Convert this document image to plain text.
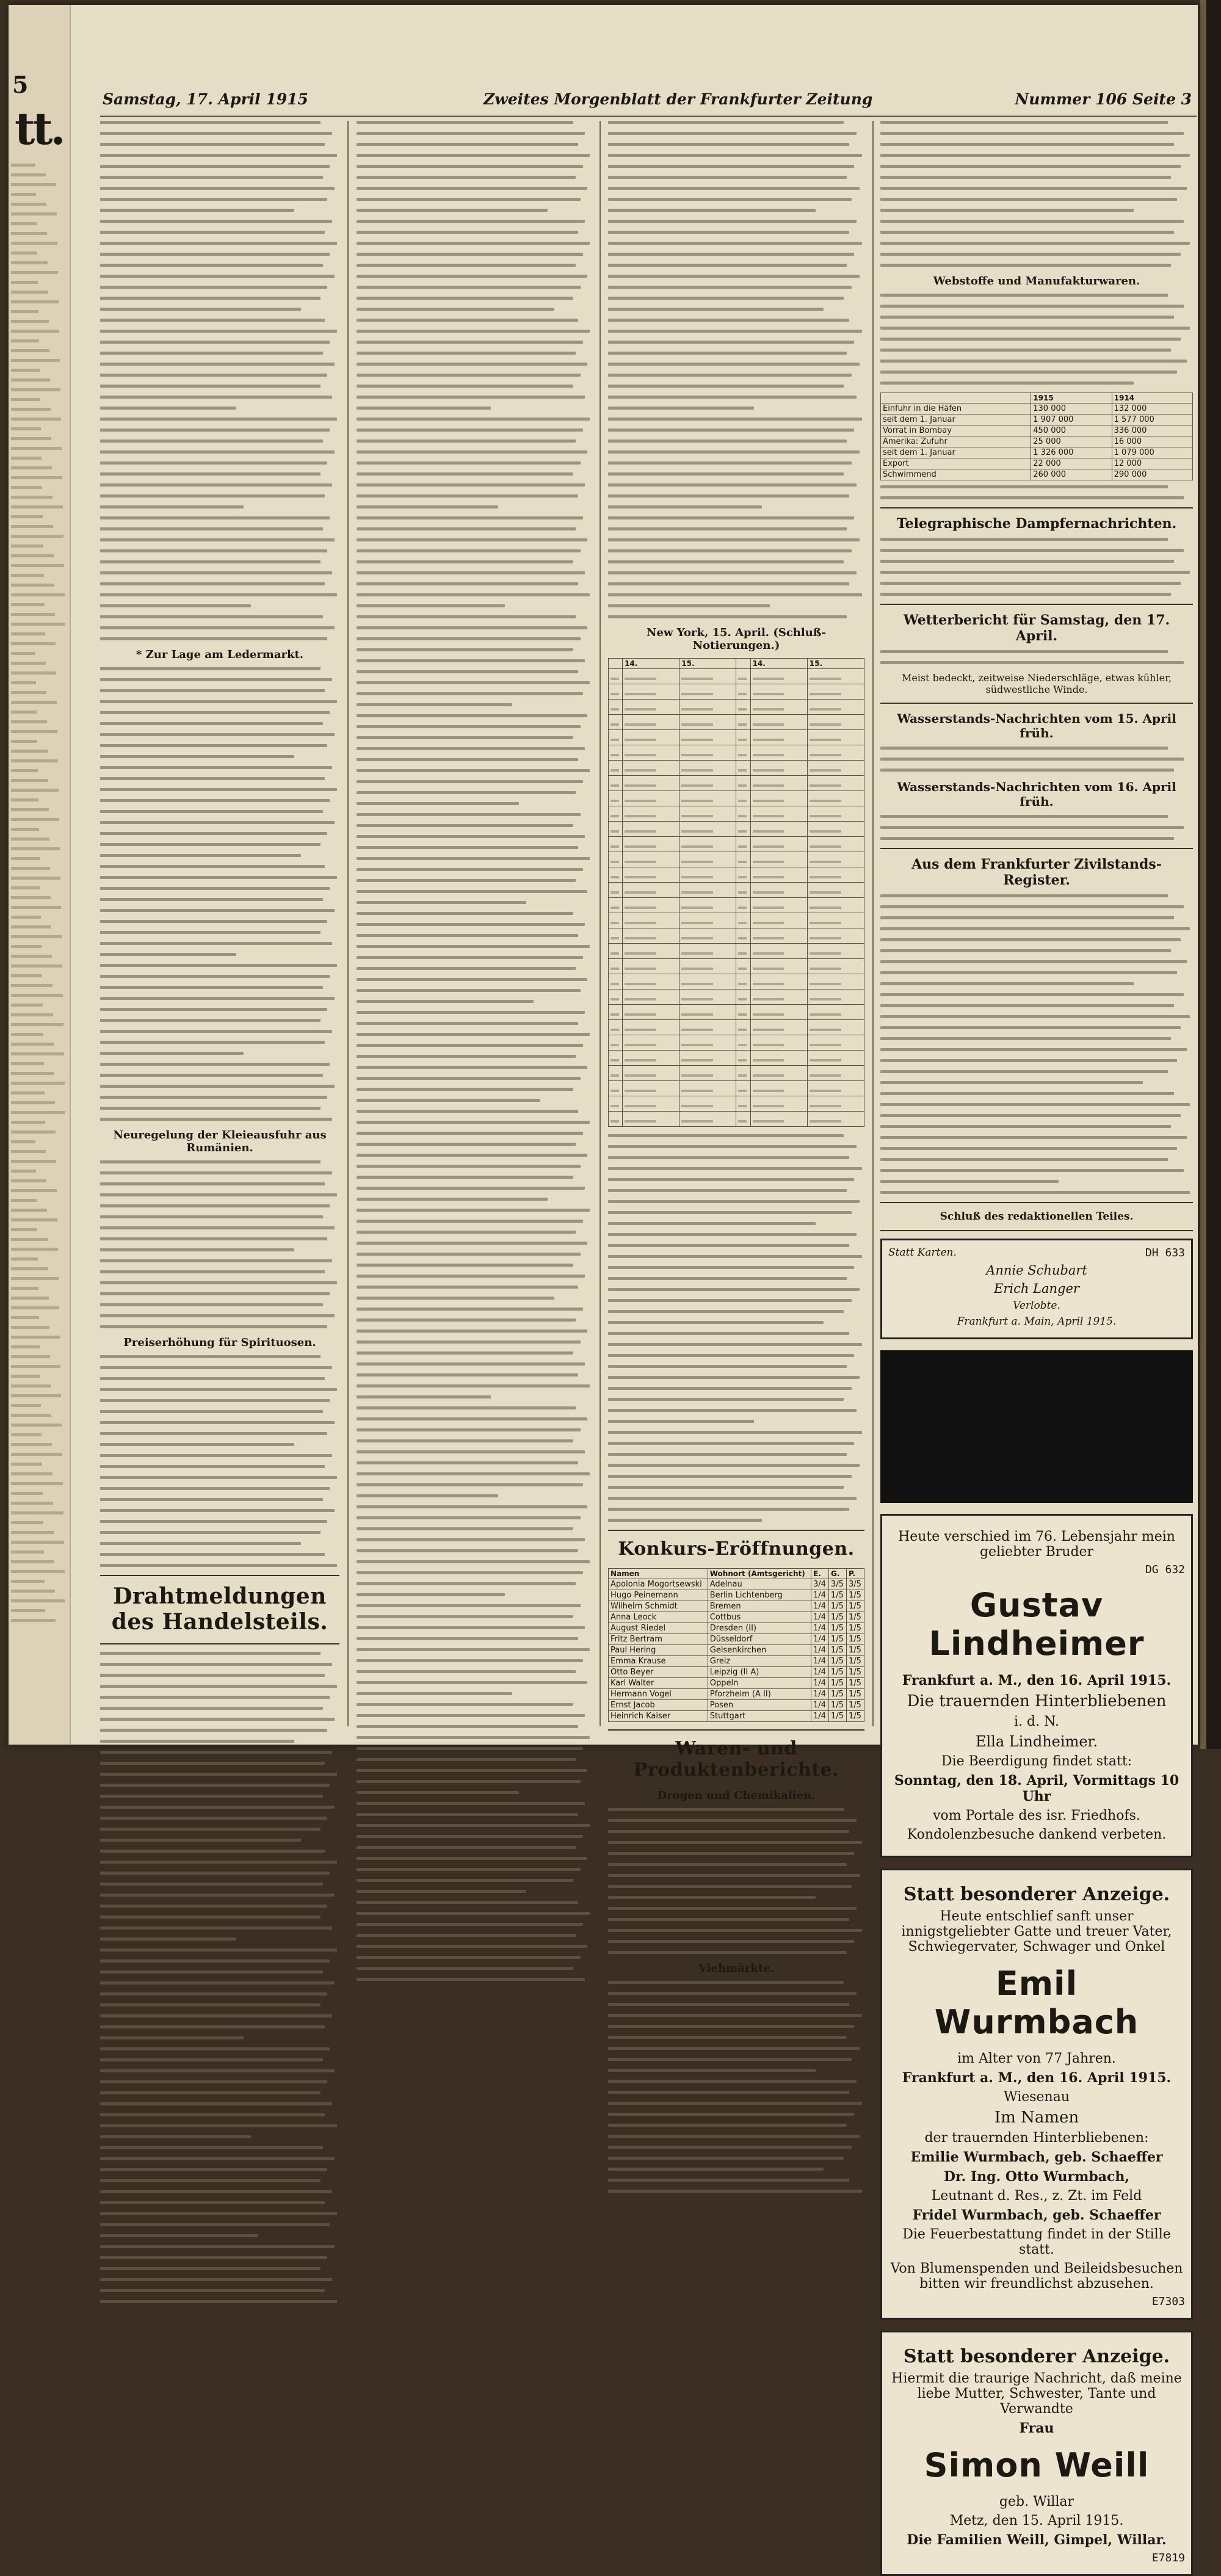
5
tt.
Samstag, 17. April 1915	Zweites Morgenblatt der Frankfurter Zeitung	Nummer 106 Seite 3
* Zur Lage am Ledermarkt.
Neuregelung der Kleieausfuhr aus Rumänien.
Preiserhöhung für Spirituosen.
Drahtmeldungen des Handelsteils.
New York, 15. April. (Schluß-Notierungen.)
	14.	15.		14.	15.

Konkurs-Eröffnungen.
Namen	Wohnort (Amtsgericht)	E.	G.	P.
Apolonia Mogortsewski	Adelnau	3/4	3/5	3/5
Hugo Peinemann	Berlin Lichtenberg	1/4	1/5	1/5
Wilhelm Schmidt	Bremen	1/4	1/5	1/5
Anna Leock	Cottbus	1/4	1/5	1/5
August Riedel	Dresden (II)	1/4	1/5	1/5
Fritz Bertram	Düsseldorf	1/4	1/5	1/5
Paul Hering	Gelsenkirchen	1/4	1/5	1/5
Emma Krause	Greiz	1/4	1/5	1/5
Otto Beyer	Leipzig (II A)	1/4	1/5	1/5
Karl Walter	Oppeln	1/4	1/5	1/5
Hermann Vogel	Pforzheim (A II)	1/4	1/5	1/5
Ernst Jacob	Posen	1/4	1/5	1/5
Heinrich Kaiser	Stuttgart	1/4	1/5	1/5
Waren- und Produktenberichte.
Drogen und Chemikalien.
Viehmärkte.
Webstoffe und Manufakturwaren.
	1915	1914
Einfuhr in die Häfen	130 000	132 000
seit dem 1. Januar	1 907 000	1 577 000
Vorrat in Bombay	450 000	336 000
Amerika: Zufuhr	25 000	16 000
seit dem 1. Januar	1 326 000	1 079 000
Export	22 000	12 000
Schwimmend	260 000	290 000
Telegraphische Dampfernachrichten.
Wetterbericht für Samstag, den 17. April.
Meist bedeckt, zeitweise Niederschläge, etwas kühler, südwestliche Winde.
Wasserstands-Nachrichten vom 15. April früh.
Wasserstands-Nachrichten vom 16. April früh.
Aus dem Frankfurter Zivilstands-Register.
Schluß des redaktionellen Teiles.
Statt Karten.	DH 633
Annie Schubart
Erich Langer
Verlobte.
Frankfurt a. Main, April 1915.

Heute verschied im 76. Lebensjahr mein geliebter Bruder
DG 632
Gustav Lindheimer
Frankfurt a. M., den 16. April 1915.
Die trauernden Hinterbliebenen
i. d. N.
Ella Lindheimer.
Die Beerdigung findet statt:
Sonntag, den 18. April, Vormittags 10 Uhr
vom Portale des isr. Friedhofs.
Kondolenzbesuche dankend verbeten.
Statt besonderer Anzeige.
Heute entschlief sanft unser innigstgeliebter Gatte und treuer Vater, Schwiegervater, Schwager und Onkel
Emil Wurmbach
im Alter von 77 Jahren.
Frankfurt a. M., den 16. April 1915.
Wiesenau
Im Namen
der trauernden Hinterbliebenen:
Emilie Wurmbach, geb. Schaeffer
Dr. Ing. Otto Wurmbach,
Leutnant d. Res., z. Zt. im Feld
Fridel Wurmbach, geb. Schaeffer
Die Feuerbestattung findet in der Stille statt.
Von Blumenspenden und Beileidsbesuchen bitten wir freundlichst abzusehen.
E7303
Statt besonderer Anzeige.
Hiermit die traurige Nachricht, daß meine liebe Mutter, Schwester, Tante und Verwandte
Frau
Simon Weill
geb. Willar
Metz, den 15. April 1915.
Die Familien Weill, Gimpel, Willar.
E7819
